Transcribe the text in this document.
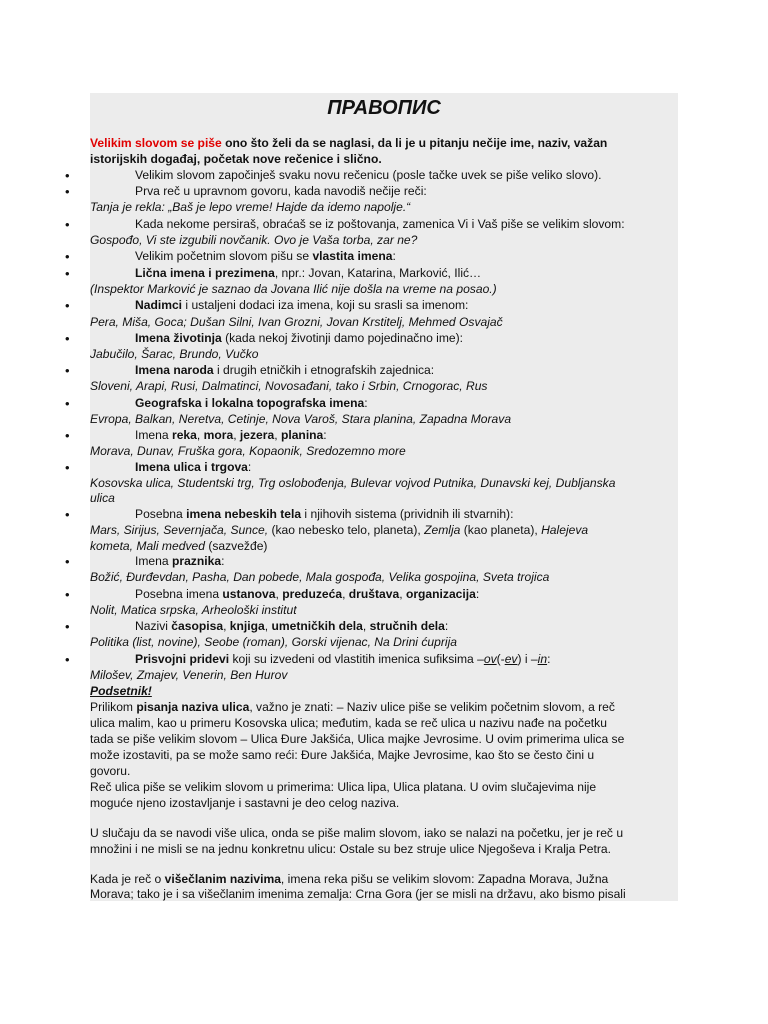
ПРАВОПИС
Velikim slovom se piše ono što želi da se naglasi, da li je u pitanju nečije ime, naziv, važan
istorijskih događaj, početak nove rečenice i slično.
•	Velikim slovom započinješ svaku novu rečenicu (posle tačke uvek se piše veliko slovo).
•	Prva reč u upravnom govoru, kada navodiš nečije reči:
Tanja je rekla: „Baš je lepo vreme! Hajde da idemo napolje.“
•	Kada nekome persiraš, obraćaš se iz poštovanja, zamenica Vi i Vaš piše se velikim slovom:
Gospođo, Vi ste izgubili novčanik. Ovo je Vaša torba, zar ne?
•	Velikim početnim slovom pišu se vlastita imena:
•	Lična imena i prezimena, npr.: Jovan, Katarina, Marković, Ilić…
(Inspektor Marković je saznao da Jovana Ilić nije došla na vreme na posao.)
•	Nadimci i ustaljeni dodaci iza imena, koji su srasli sa imenom:
Pera, Miša, Goca; Dušan Silni, Ivan Grozni, Jovan Krstitelj, Mehmed Osvajač
•	Imena životinja (kada nekoj životinji damo pojedinačno ime):
Jabučilo, Šarac, Brundo, Vučko
•	Imena naroda i drugih etničkih i etnografskih zajednica:
Sloveni, Arapi, Rusi, Dalmatinci, Novosađani, tako i Srbin, Crnogorac, Rus
•	Geografska i lokalna topografska imena:
Evropa, Balkan, Neretva, Cetinje, Nova Varoš, Stara planina, Zapadna Morava
•	Imena reka, mora, jezera, planina:
Morava, Dunav, Fruška gora, Kopaonik, Sredozemno more
•	Imena ulica i trgova:
Kosovska ulica, Studentski trg, Trg oslobođenja, Bulevar vojvod Putnika, Dunavski kej, Dubljanska
ulica
•	Posebna imena nebeskih tela i njihovih sistema (prividnih ili stvarnih):
Mars, Sirijus, Severnjača, Sunce, (kao nebesko telo, planeta), Zemlja (kao planeta), Halejeva
kometa, Mali medved (sazvežđe)
•	Imena praznika:
Božić, Đurđevdan, Pasha, Dan pobede, Mala gospođa, Velika gospojina, Sveta trojica
•	Posebna imena ustanova, preduzeća, društava, organizacija:
Nolit, Matica srpska, Arheološki institut
•	Nazivi časopisa, knjiga, umetničkih dela, stručnih dela:
Politika (list, novine), Seobe (roman), Gorski vijenac, Na Drini ćuprija
•	Prisvojni pridevi koji su izvedeni od vlastitih imenica sufiksima –ov(-ev) i –in:
Milošev, Zmajev, Venerin, Ben Hurov
Podsetnik!
Prilikom pisanja naziva ulica, važno je znati: – Naziv ulice piše se velikim početnim slovom, a reč
ulica malim, kao u primeru Kosovska ulica; međutim, kada se reč ulica u nazivu nađe na početku
tada se piše velikim slovom – Ulica Đure Jakšića, Ulica majke Jevrosime. U ovim primerima ulica se
može izostaviti, pa se može samo reći: Đure Jakšića, Majke Jevrosime, kao što se često čini u
govoru.
Reč ulica piše se velikim slovom u primerima: Ulica lipa, Ulica platana. U ovim slučajevima nije
moguće njeno izostavljanje i sastavni je deo celog naziva.
U slučaju da se navodi više ulica, onda se piše malim slovom, iako se nalazi na početku, jer je reč u
množini i ne misli se na jednu konkretnu ulicu: Ostale su bez struje ulice Njegoševa i Kralja Petra.
Kada je reč o višečlanim nazivima, imena reka pišu se velikim slovom: Zapadna Morava, Južna
Morava; tako je i sa višečlanim imenima zemalja: Crna Gora (jer se misli na državu, ako bismo pisali
